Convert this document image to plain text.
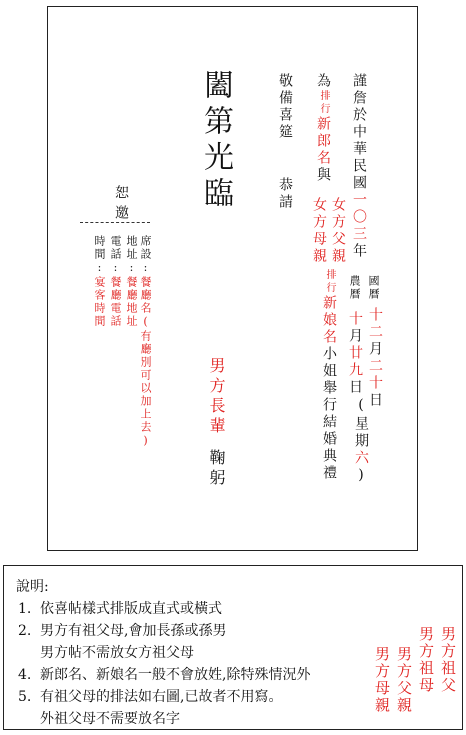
謹詹於中華民國一〇三年
國曆
十二月二十日
農曆
十月廿九日
(星期六)
為排行新郎名與
女方父親
女方母親
排行新娘名小姐舉行結婚典禮
敬備喜筵
恭請
闔第光臨
男方長輩
鞠躬
恕
邀
席設:餐廳名(有廳別可以加上去)
地址:餐廳地址
電話:餐廳電話
時間:宴客時間
說明:
1. 依喜帖樣式排版成直式或橫式
2. 男方有祖父母,會加長孫或孫男
男方帖不需放女方祖父母
4. 新郎名、新娘名一般不會放姓,除特殊情況外
5. 有祖父母的排法如右圖,已故者不用寫。
外祖父母不需要放名字
男方祖父
男方祖母
男方父親
男方母親
